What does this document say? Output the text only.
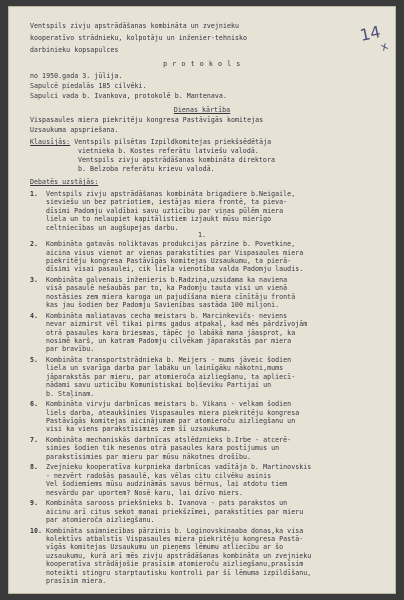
14
x
Ventspils zivju apstrādāšanas kombināta un zvejnieku
kooperatīvo strādnieku, kolpotāju un inženier-tehnisko
darbinieku kopsapulces
p r o t o k o l s
no 1950.gada 3. jūlija.
Sapulcē piedalās 185 cilvēki.
Sapulci vada b. Ivankova, protokolē b. Mantenava.
Dienas kārtība
Vispasaules miera piekritēju kongresa Pastāvīgās komitejas
Uzsaukuma apspriešana.
Klausījās: Ventspils pilsētas Izpildkomitejas priekšsēdētāja
vietnieka b. Kostes referātu latviešu valodā.
Ventspils zivju apstrādāšanas kombināta direktora
b. Belzoba referātu krievu valodā.
Debatēs uzstājās:
1. Ventspils zivju apstrādāšanas kombināta brigadiere b.Neigaile,
sieviešu un bez patriotiem, iestājas miera frontē, ta pieva-
dīsimi Padomju valdībai savu uzticību par viņas pūlēm miera
liela un to nelaupiet kapitālistiem izjaukt mūsu mierīgo
celtniecības un augšupejas darbu.
2. Kombināta gatavās noliktavas produkcijas pārzine b. Povetkine,
aicina visus vienot ar vienas parakstīties par Vispasaules miera
piekritēju kongresa Pastāvīgās komitejas Uzsaukumu, ta pierā-
dīsimi visai pasaulei, cik liela vienotība valda Padomju laudis.
3. Kombināta galvenais inženieris b.Radziņa,uzsidama ka naviena
visā pasaulē nešaubās par to, ka Padomju tauta visi un vienā
nostāsies zem miera karoga un pajudīšana miera cīnītāju frontā
kas jau šodien bez Padomju Savienības sastāda 100 miljoni.
4. Kombināta maliatavas cecha meistars b. Marcinkevičs- neviens
nevar aizmirst vēl tikai pirms gadus atpakaļ, kad mēs pārdzīvojām
otrā pasaules kara briesmas, tāpēc jo labākā mana jāasprot, ka
nosimē karš, un katram Padomju cilvēkam jāparakstās par miera
par bravību.
5. Kombināta transportstrādnieka b. Meijers - mums jāveic šodien
liela un svarīga darba par labāku un lainīgāku nākotni,mums
jāparakstās par mieru, par atomieroča aizliegšanu, ta apliecī-
nādami savu uzticību Komunistiskai boļševiku Partijai un
b. Staļinam.
6. Kombināta virvju darbnīcas meistars b. Vikans - velkam šodien
liels darba, ateaukšinies Vispasaules miera piekritēju kongresa
Pastāvīgās komitejas aicinājumam par atomieroču aizliegšanu un
visi ka viens parakstīsimies zem šī uzsaukuma.
7. Kombināta mechaniskās darbnīcas atslēdznieks b.Irbe - atcerē-
simies šodien tik nesenos otrā pasaules kara postījumus un
parakstīsimies par mieru par mūsu nākotnes drošību.
8. Zvejnieku kooperatīva kurpnieka darbnīcas vadītāja b. Martinovskis
- nezvērt radošās pasaulē, kas vēlas citu cilvēku asinis
Vel šodiemiems mūsu audzināmās savus bērnus, lai atdotu tiem
nesvārdu par uportem? Nosē karu, lai dzīvo miers.
9. Kombināta sarooss priekšnieks b. Ivanova - pats parakstos un
aicinu arī citus sekot manai priekšzīmei, parakstīties par mieru
par atomieroča aizliegšanu.
10. Kombināta saimniecības pārzinis b. Loginovskinaaba donas,ka visa
kolektīvs atbalstīs Vispasaules miera piekritēju kongresa Pastā-
vīgās komitejas Uzsaukumu un pieņems lēmumu atliecību ar šo
uzsaukumu, kurā arī mēs zivju apstrādāšanas kombināta un zvejnieku
kooperatīva strādājošie prasīsim atomieroču aizliegšanu,prasīsim
noteikti stingru starptautisku kontroli par šī lēmuma izpildīšanu,
prasīsim miera.
1.
